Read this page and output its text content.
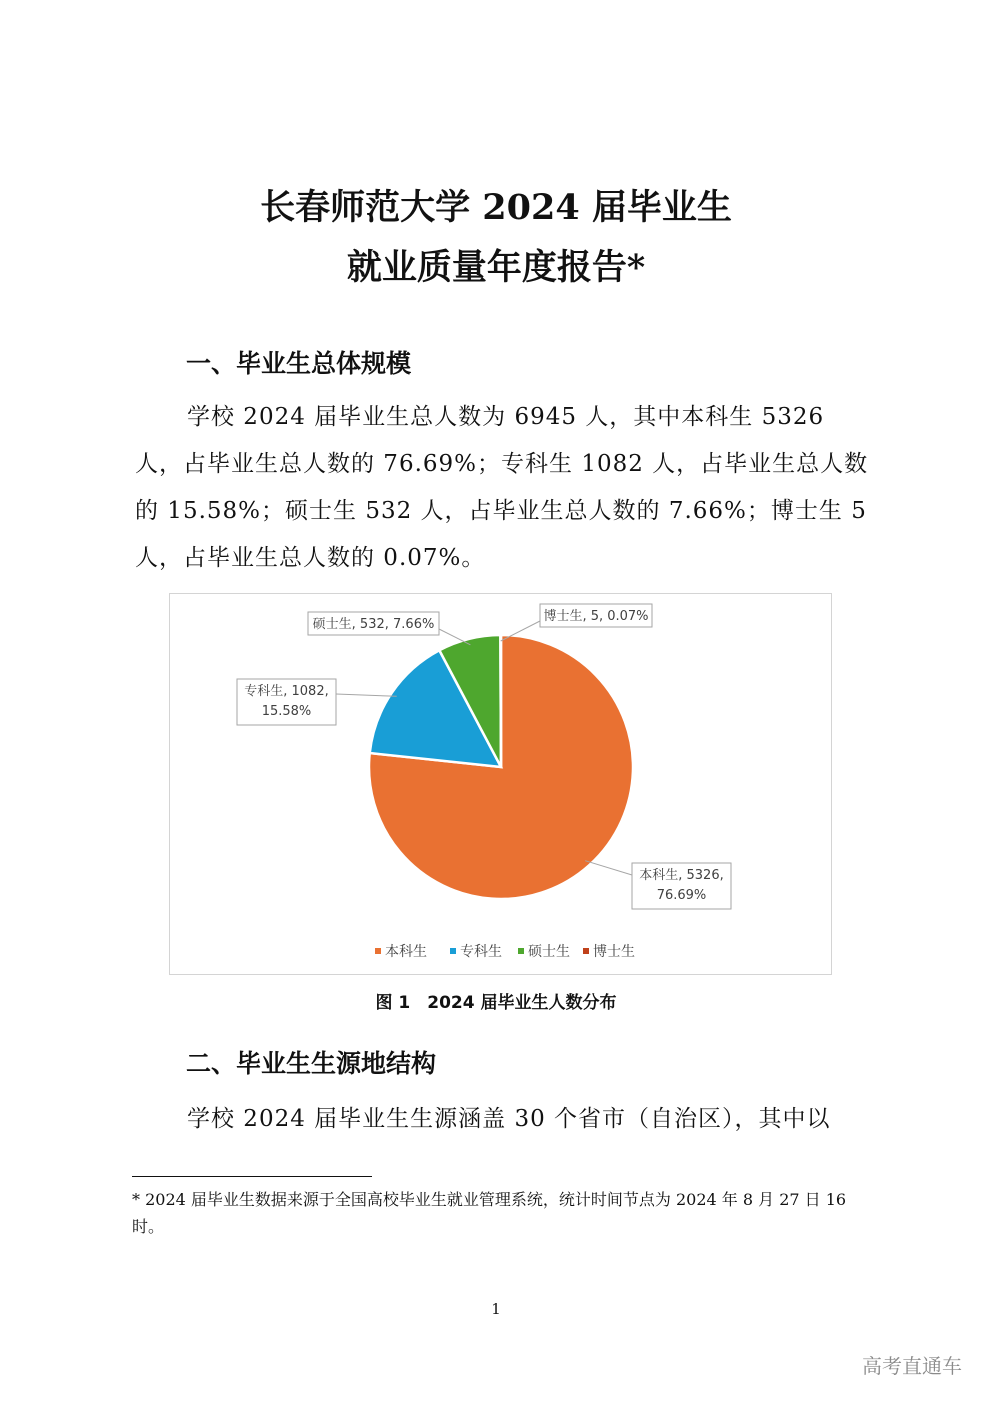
长春师范大学 2024 届毕业生
就业质量年度报告*
一、毕业生总体规模

学校 2024 届毕业生总人数为 6945 人，其中本科生 5326 人，占毕业生总人数的 76.69%；专科生 1082 人，占毕业生总人数的 15.58%；硕士生 532 人，占毕业生总人数的 7.66%；博士生 5 人，占毕业生总人数的 0.07%。

本科生, 5326,
76.69%
专科生, 1082,
15.58%
硕士生, 532, 7.66%
博士生, 5, 0.07%
本科生 专科生 硕士生 博士生
图 1　2024 届毕业生人数分布
二、毕业生生源地结构

学校 2024 届毕业生生源涵盖 30 个省市（自治区），其中以

* 2024 届毕业生数据来源于全国高校毕业生就业管理系统，统计时间节点为 2024 年 8 月 27 日 16 时。

1
高考直通车
